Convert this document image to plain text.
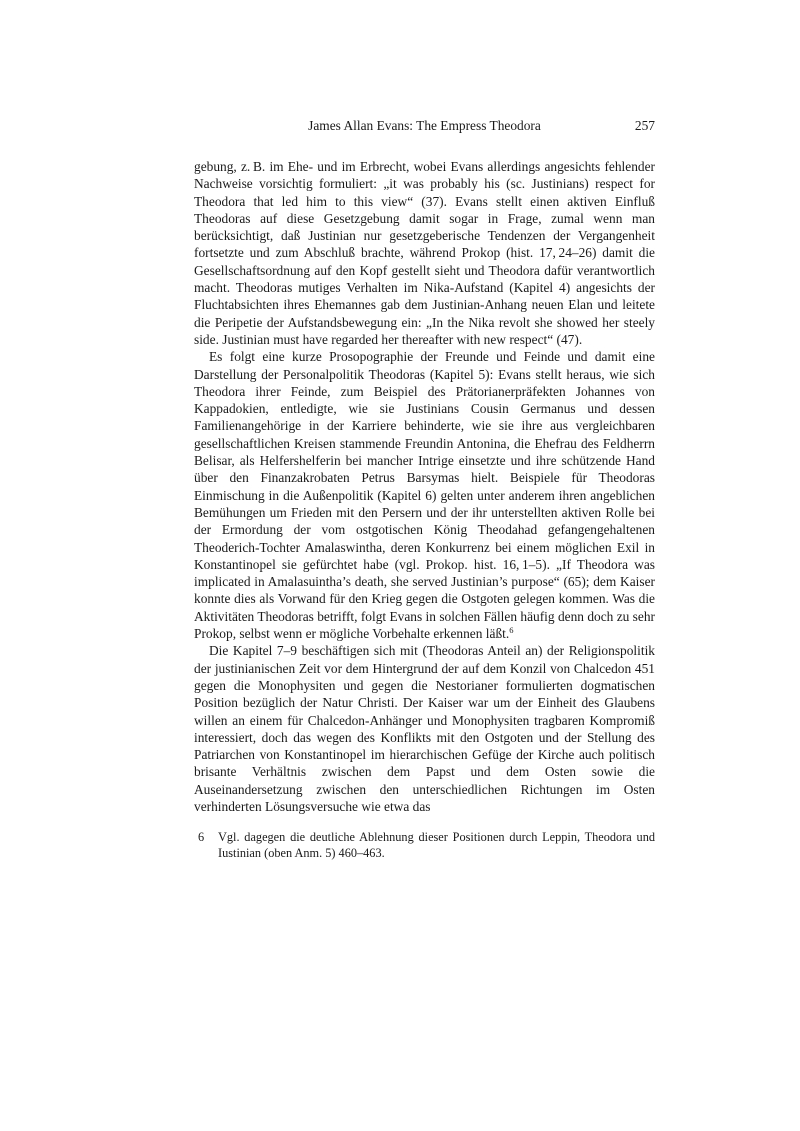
James Allan Evans: The Empress Theodora	257

gebung, z. B. im Ehe- und im Erbrecht, wobei Evans allerdings angesichts fehlender Nachweise vorsichtig formuliert: „it was probably his (sc. Justinians) respect for Theodora that led him to this view“ (37). Evans stellt einen aktiven Einfluß Theodoras auf diese Gesetzgebung damit sogar in Frage, zumal wenn man berücksichtigt, daß Justinian nur gesetzgeberische Tendenzen der Vergangenheit fortsetzte und zum Abschluß brachte, während Prokop (hist. 17, 24–26) damit die Gesellschaftsordnung auf den Kopf gestellt sieht und Theodora dafür verantwortlich macht. Theodoras mutiges Verhalten im Nika-Aufstand (Kapitel 4) angesichts der Fluchtabsichten ihres Ehemannes gab dem Justinian-Anhang neuen Elan und leitete die Peripetie der Aufstandsbewegung ein: „In the Nika revolt she showed her steely side. Justinian must have regarded her thereafter with new respect“ (47).

Es folgt eine kurze Prosopographie der Freunde und Feinde und damit eine Darstellung der Personalpolitik Theodoras (Kapitel 5): Evans stellt heraus, wie sich Theodora ihrer Feinde, zum Beispiel des Prätorianerpräfekten Johannes von Kappadokien, entledigte, wie sie Justinians Cousin Germanus und dessen Familienangehörige in der Karriere behinderte, wie sie ihre aus vergleichbaren gesellschaftlichen Kreisen stammende Freundin Antonina, die Ehefrau des Feldherrn Belisar, als Helfershelferin bei mancher Intrige einsetzte und ihre schützende Hand über den Finanzakrobaten Petrus Barsymas hielt. Beispiele für Theodoras Einmischung in die Außenpolitik (Kapitel 6) gelten unter anderem ihren angeblichen Bemühungen um Frieden mit den Persern und der ihr unterstellten aktiven Rolle bei der Ermordung der vom ostgotischen König Theodahad gefangengehaltenen Theoderich-Tochter Amalaswintha, deren Konkurrenz bei einem möglichen Exil in Konstantinopel sie gefürchtet habe (vgl. Prokop. hist. 16, 1–5). „If Theodora was implicated in Amalasuintha’s death, she served Justinian’s purpose“ (65); dem Kaiser konnte dies als Vorwand für den Krieg gegen die Ostgoten gelegen kommen. Was die Aktivitäten Theodoras betrifft, folgt Evans in solchen Fällen häufig denn doch zu sehr Prokop, selbst wenn er mögliche Vorbehalte erkennen läßt.$^6$

Die Kapitel 7–9 beschäftigen sich mit (Theodoras Anteil an) der Religionspolitik der justinianischen Zeit vor dem Hintergrund der auf dem Konzil von Chalcedon 451 gegen die Monophysiten und gegen die Nestorianer formulierten dogmatischen Position bezüglich der Natur Christi. Der Kaiser war um der Einheit des Glaubens willen an einem für Chalcedon-Anhänger und Monophysiten tragbaren Kompromiß interessiert, doch das wegen des Konflikts mit den Ostgoten und der Stellung des Patriarchen von Konstantinopel im hierarchischen Gefüge der Kirche auch politisch brisante Verhältnis zwischen dem Papst und dem Osten sowie die Auseinandersetzung zwischen den unterschiedlichen Richtungen im Osten verhinderten Lösungsversuche wie etwa das

6	Vgl. dagegen die deutliche Ablehnung dieser Positionen durch Leppin, Theodora und Iustinian (oben Anm. 5) 460–463.
